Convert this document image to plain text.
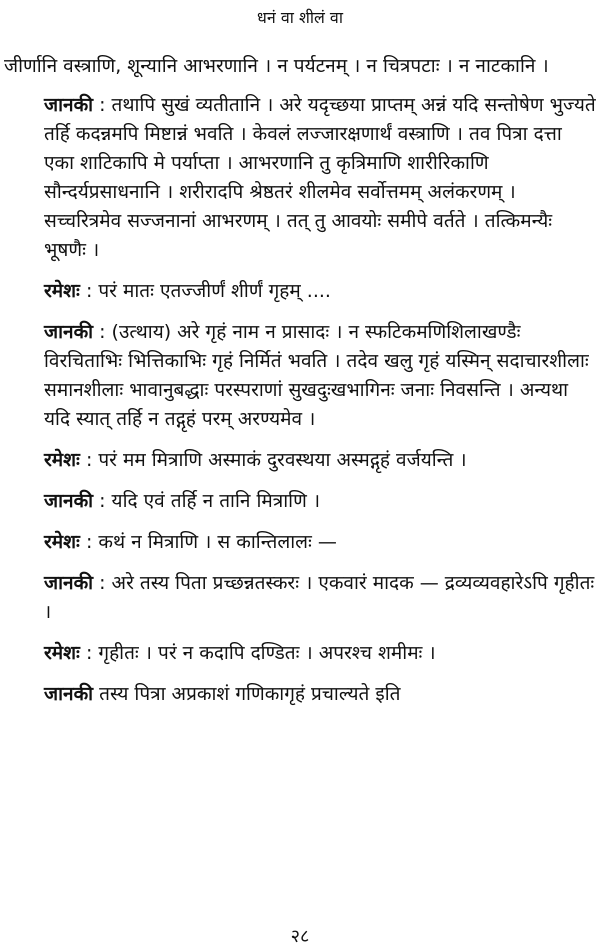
धनं वा शीलं वा

जीर्णानि वस्त्राणि, शून्यानि आभरणानि । न पर्यटनम् । न चित्रपटाः । न नाटकानि ।

जानकी : तथापि सुखं व्यतीतानि । अरे यदृच्छया प्राप्तम् अन्नं यदि सन्तोषेण भुज्यते तर्हि कदन्नमपि मिष्टान्नं भवति । केवलं लज्जारक्षणार्थं वस्त्राणि । तव पित्रा दत्ता एका शाटिकापि मे पर्याप्ता । आभरणानि तु कृत्रिमाणि शारीरिकाणि सौन्दर्यप्रसाधनानि । शरीरादपि श्रेष्ठतरं शीलमेव सर्वोत्तमम् अलंकरणम् । सच्चरित्रमेव सज्जनानां आभरणम् । तत् तु आवयोः समीपे वर्तते । तत्किमन्यैः भूषणैः ।

रमेशः : परं मातः एतज्जीर्णं शीर्णं गृहम् ....

जानकी : (उत्थाय) अरे गृहं नाम न प्रासादः । न स्फटिकमणिशिलाखण्डैः विरचिताभिः भित्तिकाभिः गृहं निर्मितं भवति । तदेव खलु गृहं यस्मिन् सदाचारशीलाः समानशीलाः भावानुबद्धाः परस्पराणां सुखदुःखभागिनः जनाः निवसन्ति । अन्यथा यदि स्यात् तर्हि न तद्गृहं परम् अरण्यमेव ।

रमेशः : परं मम मित्राणि अस्माकं दुरवस्थया अस्मद्गृहं वर्जयन्ति ।

जानकी : यदि एवं तर्हि न तानि मित्राणि ।

रमेशः : कथं न मित्राणि । स कान्तिलालः —

जानकी : अरे तस्य पिता प्रच्छन्नतस्करः । एकवारं मादक — द्रव्यव्यवहारेऽपि गृहीतः ।

रमेशः : गृहीतः । परं न कदापि दण्डितः । अपरश्च शमीमः ।

जानकी तस्य पित्रा अप्रकाशं गणिकागृहं प्रचाल्यते इति

२८
